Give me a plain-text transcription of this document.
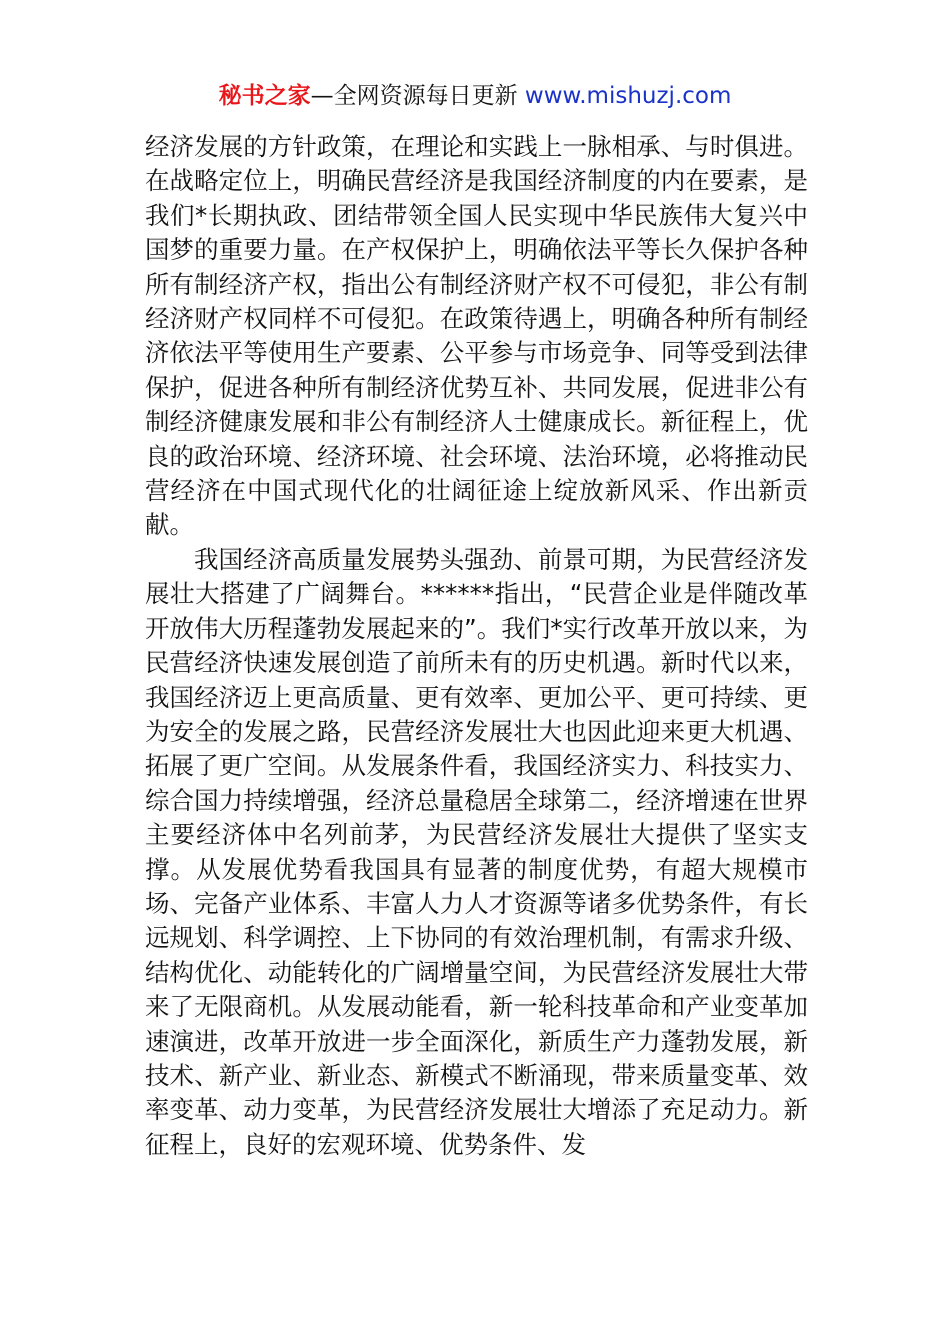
秘书之家—全网资源每日更新 www.mishuzj.com

经济发展的方针政策，在理论和实践上一脉相承、与时俱进。在战略定位上，明确民营经济是我国经济制度的内在要素，是我们*长期执政、团结带领全国人民实现中华民族伟大复兴中国梦的重要力量。在产权保护上，明确依法平等长久保护各种所有制经济产权，指出公有制经济财产权不可侵犯，非公有制经济财产权同样不可侵犯。在政策待遇上，明确各种所有制经济依法平等使用生产要素、公平参与市场竞争、同等受到法律保护，促进各种所有制经济优势互补、共同发展，促进非公有制经济健康发展和非公有制经济人士健康成长。新征程上，优良的政治环境、经济环境、社会环境、法治环境，必将推动民营经济在中国式现代化的壮阔征途上绽放新风采、作出新贡献。

我国经济高质量发展势头强劲、前景可期，为民营经济发展壮大搭建了广阔舞台。******指出，“民营企业是伴随改革开放伟大历程蓬勃发展起来的”。我们*实行改革开放以来，为民营经济快速发展创造了前所未有的历史机遇。新时代以来，我国经济迈上更高质量、更有效率、更加公平、更可持续、更为安全的发展之路，民营经济发展壮大也因此迎来更大机遇、拓展了更广空间。从发展条件看，我国经济实力、科技实力、综合国力持续增强，经济总量稳居全球第二，经济增速在世界主要经济体中名列前茅，为民营经济发展壮大提供了坚实支撑。从发展优势看我国具有显著的制度优势，有超大规模市场、完备产业体系、丰富人力人才资源等诸多优势条件，有长远规划、科学调控、上下协同的有效治理机制，有需求升级、结构优化、动能转化的广阔增量空间，为民营经济发展壮大带来了无限商机。从发展动能看，新一轮科技革命和产业变革加速演进，改革开放进一步全面深化，新质生产力蓬勃发展，新技术、新产业、新业态、新模式不断涌现，带来质量变革、效率变革、动力变革，为民营经济发展壮大增添了充足动力。新征程上，良好的宏观环境、优势条件、发
